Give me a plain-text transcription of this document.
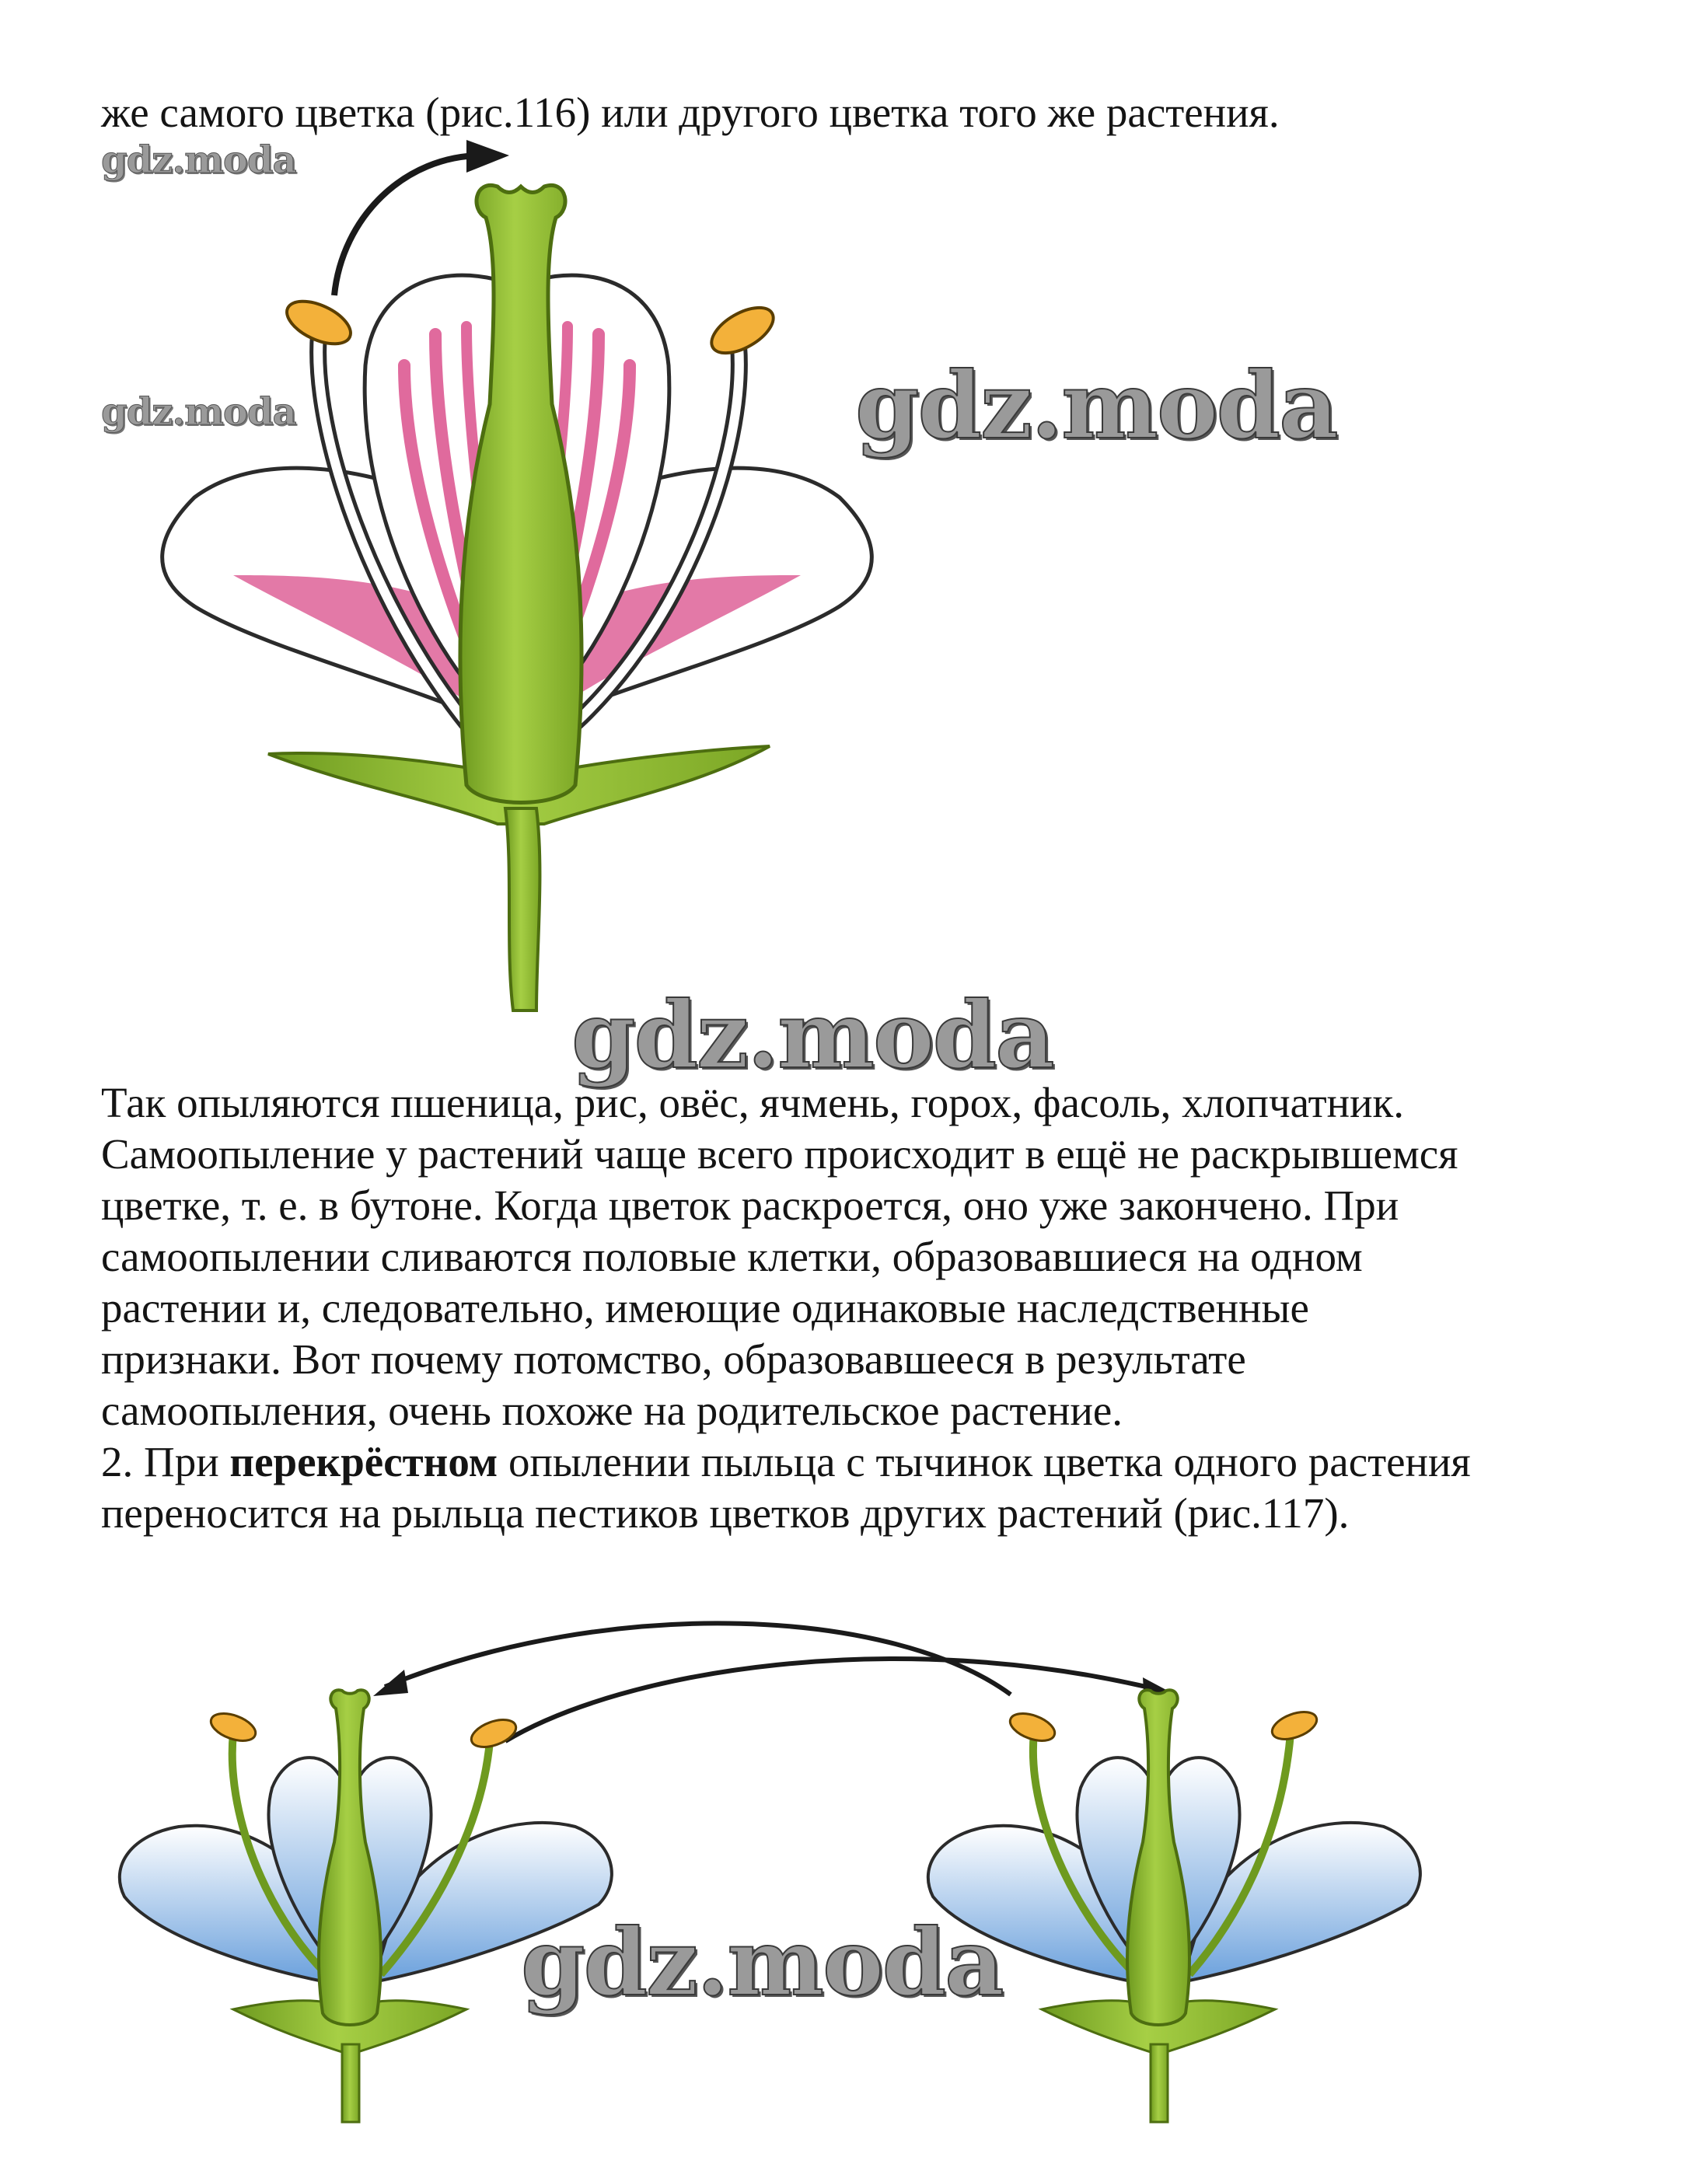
же самого цветка (рис.116) или другого цветка того же растения.
gdz.moda
gdz.moda	gdz.moda
gdz.moda
Так опыляются пшеница, рис, овёс, ячмень, горох, фасоль, хлопчатник.
Самоопыление у растений чаще всего происходит в ещё не раскрывшемся
цветке, т. е. в бутоне. Когда цветок раскроется, оно уже закончено. При
самоопылении сливаются половые клетки, образовавшиеся на одном
растении и, следовательно, имеющие одинаковые наследственные
признаки. Вот почему потомство, образовавшееся в результате
самоопыления, очень похоже на родительское растение.
2. При перекрёстном опылении пыльца с тычинок цветка одного растения
переносится на рыльца пестиков цветков других растений (рис.117).
gdz.moda
